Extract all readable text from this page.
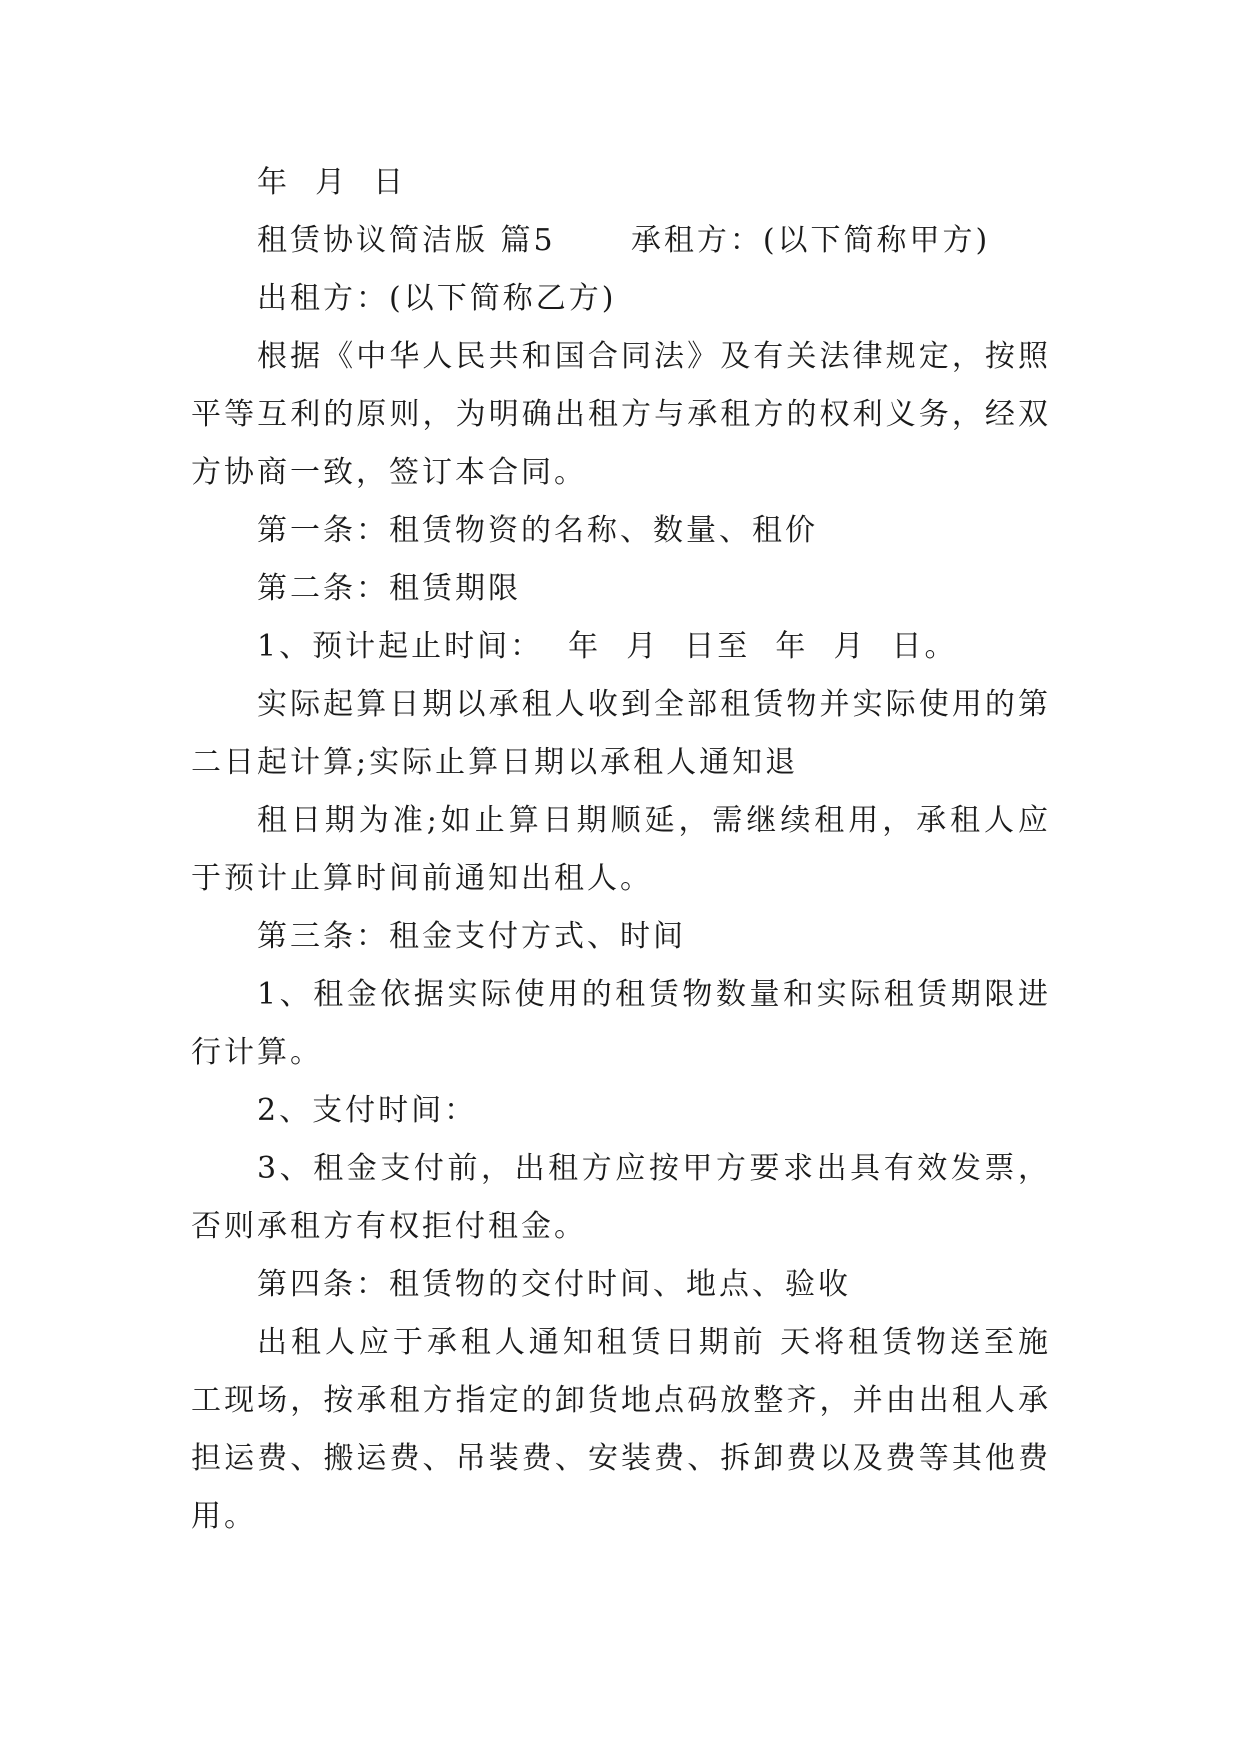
年  月  日

租赁协议简洁版 篇5      承租方：(以下简称甲方)

出租方：(以下简称乙方)

根据《中华人民共和国合同法》及有关法律规定，按照平等互利的原则，为明确出租方与承租方的权利义务，经双方协商一致，签订本合同。

第一条：租赁物资的名称、数量、租价

第二条：租赁期限

1、预计起止时间：  年  月  日至  年  月  日。

实际起算日期以承租人收到全部租赁物并实际使用的第二日起计算;实际止算日期以承租人通知退

租日期为准;如止算日期顺延，需继续租用，承租人应于预计止算时间前通知出租人。

第三条：租金支付方式、时间

1、租金依据实际使用的租赁物数量和实际租赁期限进行计算。

2、支付时间：

3、租金支付前，出租方应按甲方要求出具有效发票，否则承租方有权拒付租金。

第四条：租赁物的交付时间、地点、验收

出租人应于承租人通知租赁日期前 天将租赁物送至施工现场，按承租方指定的卸货地点码放整齐，并由出租人承担运费、搬运费、吊装费、安装费、拆卸费以及费等其他费用。
